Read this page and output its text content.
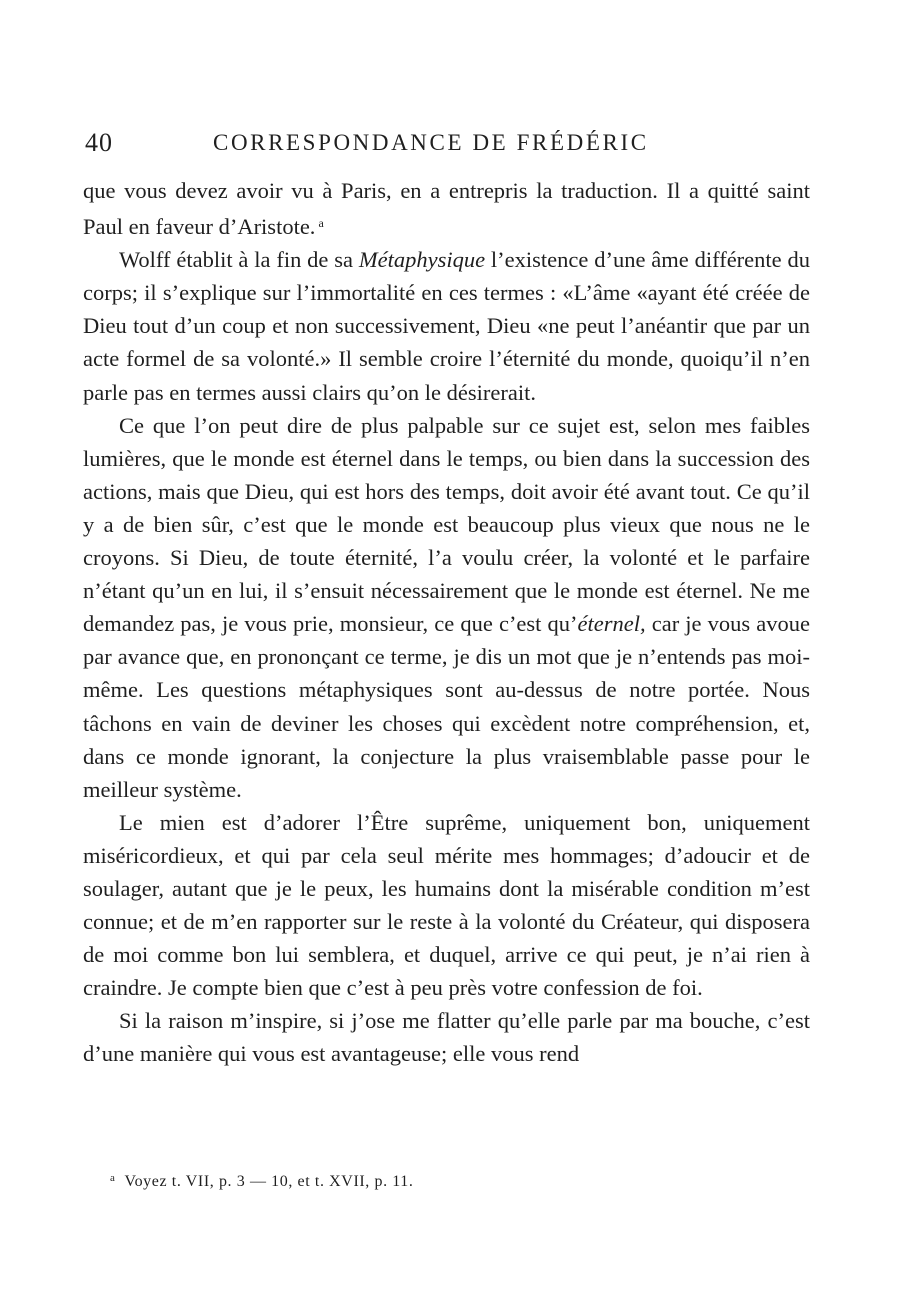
40	CORRESPONDANCE DE FRÉDÉRIC

que vous devez avoir vu à Paris, en a entrepris la traduction. Il a quitté saint Paul en faveur d’Aristote. $^a$

Wolff établit à la fin de sa Métaphysique l’existence d’une âme différente du corps; il s’explique sur l’immortalité en ces termes : «L’âme «ayant été créée de Dieu tout d’un coup et non successivement, Dieu «ne peut l’anéantir que par un acte formel de sa volonté.» Il semble croire l’éternité du monde, quoiqu’il n’en parle pas en termes aussi clairs qu’on le désirerait.

Ce que l’on peut dire de plus palpable sur ce sujet est, selon mes faibles lumières, que le monde est éternel dans le temps, ou bien dans la succession des actions, mais que Dieu, qui est hors des temps, doit avoir été avant tout. Ce qu’il y a de bien sûr, c’est que le monde est beaucoup plus vieux que nous ne le croyons. Si Dieu, de toute éternité, l’a voulu créer, la volonté et le parfaire n’étant qu’un en lui, il s’ensuit nécessairement que le monde est éternel. Ne me demandez pas, je vous prie, monsieur, ce que c’est qu’éternel, car je vous avoue par avance que, en prononçant ce terme, je dis un mot que je n’entends pas moi-même. Les questions métaphysiques sont au-dessus de notre portée. Nous tâchons en vain de deviner les choses qui excèdent notre compréhension, et, dans ce monde ignorant, la conjecture la plus vraisemblable passe pour le meilleur système.

Le mien est d’adorer l’Être suprême, uniquement bon, uniquement miséricordieux, et qui par cela seul mérite mes hommages; d’adoucir et de soulager, autant que je le peux, les humains dont la misérable condition m’est connue; et de m’en rapporter sur le reste à la volonté du Créateur, qui disposera de moi comme bon lui semblera, et duquel, arrive ce qui peut, je n’ai rien à craindre. Je compte bien que c’est à peu près votre confession de foi.

Si la raison m’inspire, si j’ose me flatter qu’elle parle par ma bouche, c’est d’une manière qui vous est avantageuse; elle vous rend

$^a$ Voyez t. VII, p. 3 — 10, et t. XVII, p. 11.
